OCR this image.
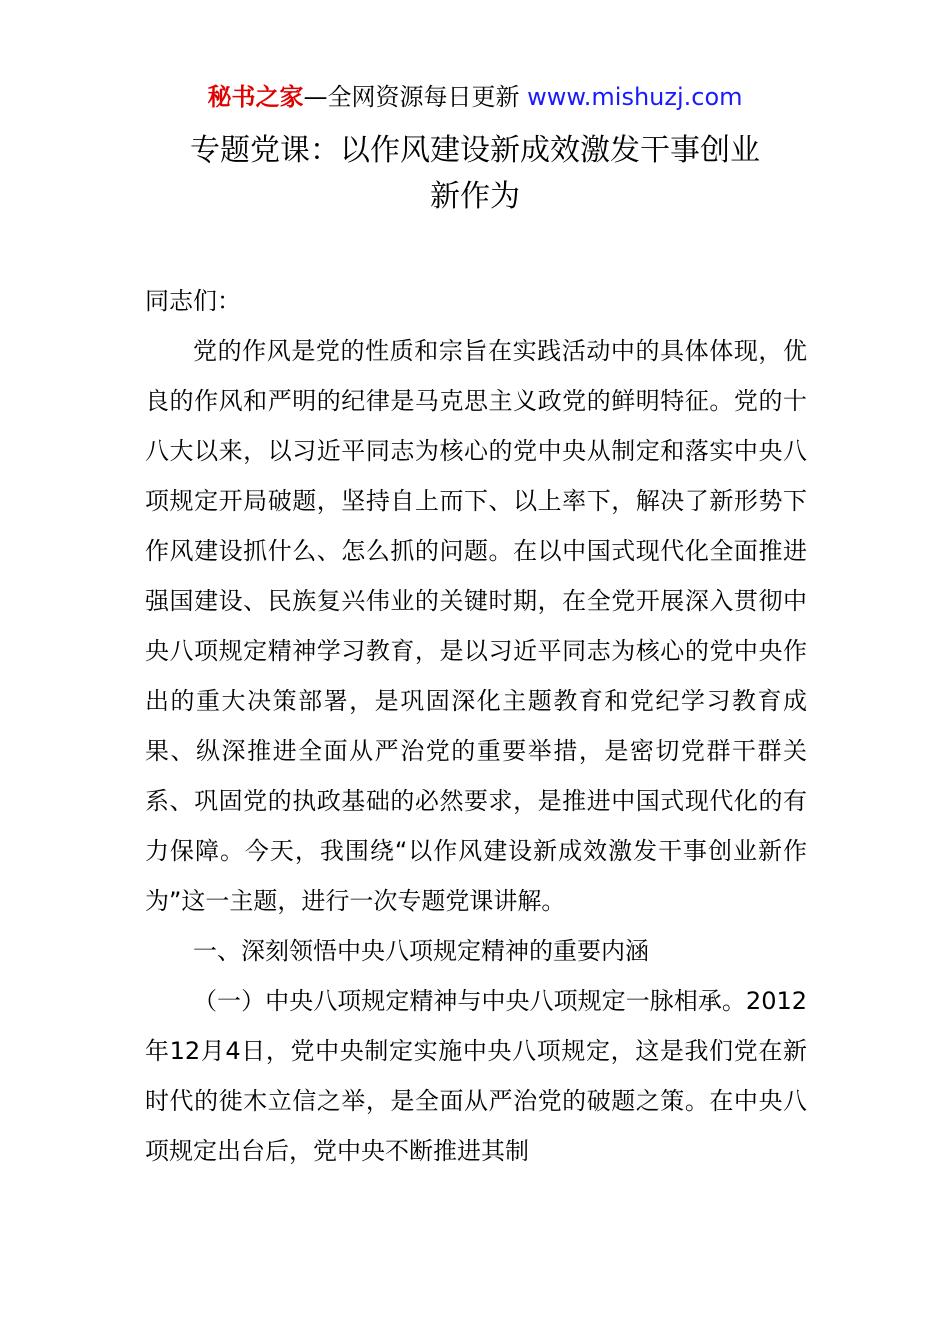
秘书之家—全网资源每日更新 www.mishuzj.com
专题党课：以作风建设新成效激发干事创业
新作为

同志们：

党的作风是党的性质和宗旨在实践活动中的具体体现，优良的作风和严明的纪律是马克思主义政党的鲜明特征。党的十八大以来，以习近平同志为核心的党中央从制定和落实中央八项规定开局破题，坚持自上而下、以上率下，解决了新形势下作风建设抓什么、怎么抓的问题。在以中国式现代化全面推进强国建设、民族复兴伟业的关键时期，在全党开展深入贯彻中央八项规定精神学习教育，是以习近平同志为核心的党中央作出的重大决策部署，是巩固深化主题教育和党纪学习教育成果、纵深推进全面从严治党的重要举措，是密切党群干群关系、巩固党的执政基础的必然要求，是推进中国式现代化的有力保障。今天，我围绕“以作风建设新成效激发干事创业新作为”这一主题，进行一次专题党课讲解。

一、深刻领悟中央八项规定精神的重要内涵

（一）中央八项规定精神与中央八项规定一脉相承。2012年12月4日，党中央制定实施中央八项规定，这是我们党在新时代的徙木立信之举，是全面从严治党的破题之策。在中央八项规定出台后，党中央不断推进其制
